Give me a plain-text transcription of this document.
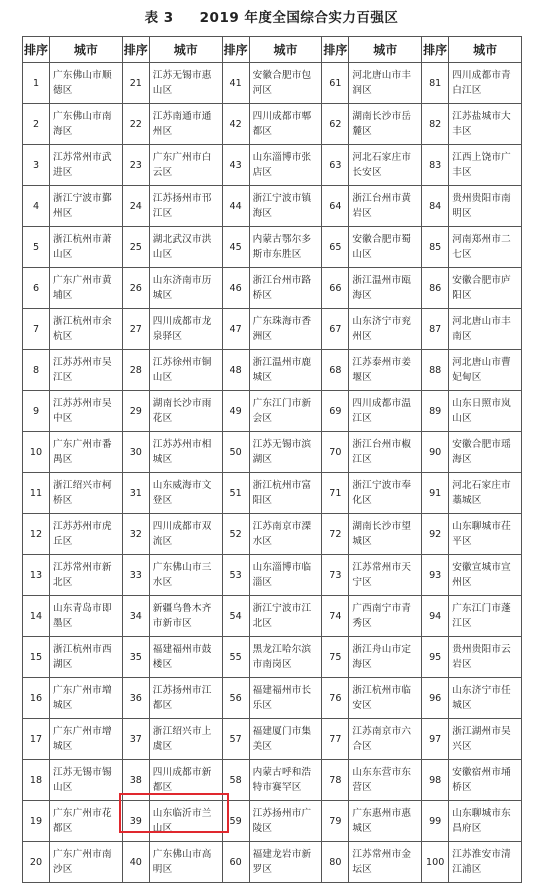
表 3 2019 年度全国综合实力百强区
排序	城市	排序	城市	排序	城市	排序	城市	排序	城市
1	广东佛山市顺德区	21	江苏无锡市惠山区	41	安徽合肥市包河区	61	河北唐山市丰润区	81	四川成都市青白江区
2	广东佛山市南海区	22	江苏南通市通州区	42	四川成都市郫都区	62	湖南长沙市岳麓区	82	江苏盐城市大丰区
3	江苏常州市武进区	23	广东广州市白云区	43	山东淄博市张店区	63	河北石家庄市长安区	83	江西上饶市广丰区
4	浙江宁波市鄞州区	24	江苏扬州市邗江区	44	浙江宁波市镇海区	64	浙江台州市黄岩区	84	贵州贵阳市南明区
5	浙江杭州市萧山区	25	湖北武汉市洪山区	45	内蒙古鄂尔多斯市东胜区	65	安徽合肥市蜀山区	85	河南郑州市二七区
6	广东广州市黄埔区	26	山东济南市历城区	46	浙江台州市路桥区	66	浙江温州市瓯海区	86	安徽合肥市庐阳区
7	浙江杭州市余杭区	27	四川成都市龙泉驿区	47	广东珠海市香洲区	67	山东济宁市兖州区	87	河北唐山市丰南区
8	江苏苏州市吴江区	28	江苏徐州市铜山区	48	浙江温州市鹿城区	68	江苏泰州市姜堰区	88	河北唐山市曹妃甸区
9	江苏苏州市吴中区	29	湖南长沙市雨花区	49	广东江门市新会区	69	四川成都市温江区	89	山东日照市岚山区
10	广东广州市番禺区	30	江苏苏州市相城区	50	江苏无锡市滨湖区	70	浙江台州市椒江区	90	安徽合肥市瑶海区
11	浙江绍兴市柯桥区	31	山东威海市文登区	51	浙江杭州市富阳区	71	浙江宁波市奉化区	91	河北石家庄市藁城区
12	江苏苏州市虎丘区	32	四川成都市双流区	52	江苏南京市溧水区	72	湖南长沙市望城区	92	山东聊城市茌平区
13	江苏常州市新北区	33	广东佛山市三水区	53	山东淄博市临淄区	73	江苏常州市天宁区	93	安徽宣城市宣州区
14	山东青岛市即墨区	34	新疆乌鲁木齐市新市区	54	浙江宁波市江北区	74	广西南宁市青秀区	94	广东江门市蓬江区
15	浙江杭州市西湖区	35	福建福州市鼓楼区	55	黑龙江哈尔滨市南岗区	75	浙江舟山市定海区	95	贵州贵阳市云岩区
16	广东广州市増城区	36	江苏扬州市江都区	56	福建福州市长乐区	76	浙江杭州市临安区	96	山东济宁市任城区
17	广东广州市增城区	37	浙江绍兴市上虞区	57	福建厦门市集美区	77	江苏南京市六合区	97	浙江湖州市吴兴区
18	江苏无锡市锡山区	38	四川成都市新都区	58	内蒙古呼和浩特市赛罕区	78	山东东营市东营区	98	安徽宿州市埇桥区
19	广东广州市花都区	39	山东临沂市兰山区	59	江苏扬州市广陵区	79	广东惠州市惠城区	99	山东聊城市东昌府区
20	广东广州市南沙区	40	广东佛山市高明区	60	福建龙岩市新罗区	80	江苏常州市金坛区	100	江苏淮安市清江浦区
